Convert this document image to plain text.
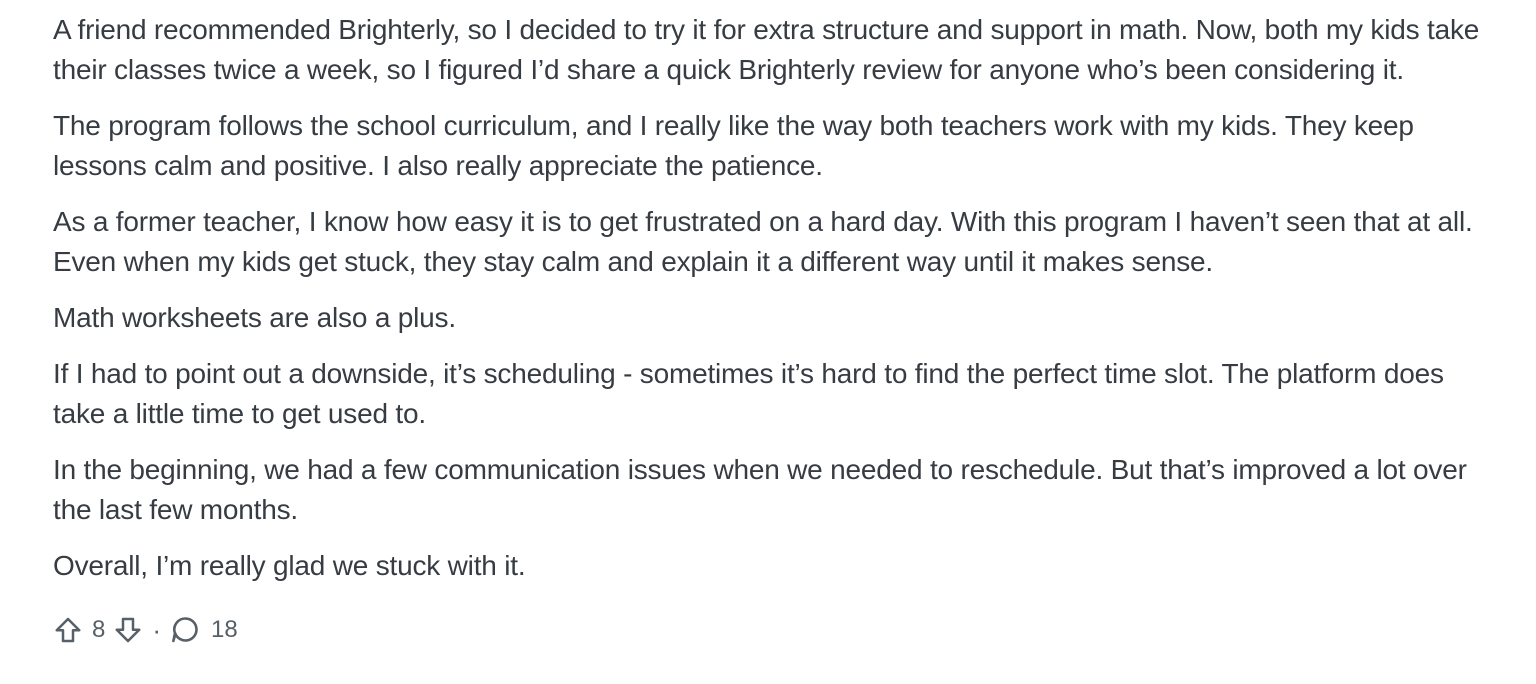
A friend recommended Brighterly, so I decided to try it for extra structure and support in math. Now, both my kids take their classes twice a week, so I figured I’d share a quick Brighterly review for anyone who’s been considering it.

The program follows the school curriculum, and I really like the way both teachers work with my kids. They keep lessons calm and positive. I also really appreciate the patience.

As a former teacher, I know how easy it is to get frustrated on a hard day. With this program I haven’t seen that at all. Even when my kids get stuck, they stay calm and explain it a different way until it makes sense.

Math worksheets are also a plus.

If I had to point out a downside, it’s scheduling - sometimes it’s hard to find the perfect time slot. The platform does take a little time to get used to.

In the beginning, we had a few communication issues when we needed to reschedule. But that’s improved a lot over the last few months.

Overall, I’m really glad we stuck with it.

8 · 18
